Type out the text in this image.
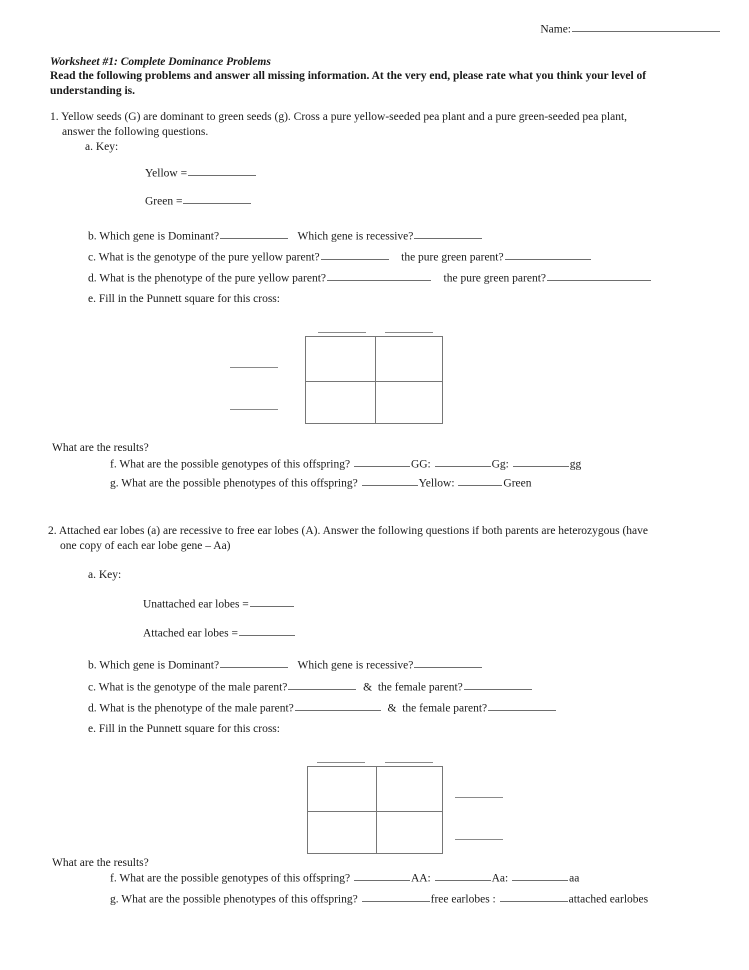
Name:
Worksheet #1: Complete Dominance Problems
Read the following problems and answer all missing information. At the very end, please rate what you think your level of understanding is.
1. Yellow seeds (G) are dominant to green seeds (g). Cross a pure yellow-seeded pea plant and a pure green-seeded pea plant,
answer the following questions.
a. Key:
Yellow =
Green =
b. Which gene is Dominant?	Which gene is recessive?
c. What is the genotype of the pure yellow parent?	the pure green parent?
d. What is the phenotype of the pure yellow parent?	the pure green parent?
e. Fill in the Punnett square for this cross:
What are the results?
f. What are the possible genotypes of this offspring?	GG:	Gg:	gg
g. What are the possible phenotypes of this offspring?	Yellow:	Green
2. Attached ear lobes (a) are recessive to free ear lobes (A). Answer the following questions if both parents are heterozygous (have
one copy of each ear lobe gene – Aa)
a. Key:
Unattached ear lobes =
Attached ear lobes =
b. Which gene is Dominant?	Which gene is recessive?
c. What is the genotype of the male parent?	& the female parent?
d. What is the phenotype of the male parent?	& the female parent?
e. Fill in the Punnett square for this cross:
What are the results?
f. What are the possible genotypes of this offspring?	AA:	Aa:	aa
g. What are the possible phenotypes of this offspring?	free earlobes :	attached earlobes
